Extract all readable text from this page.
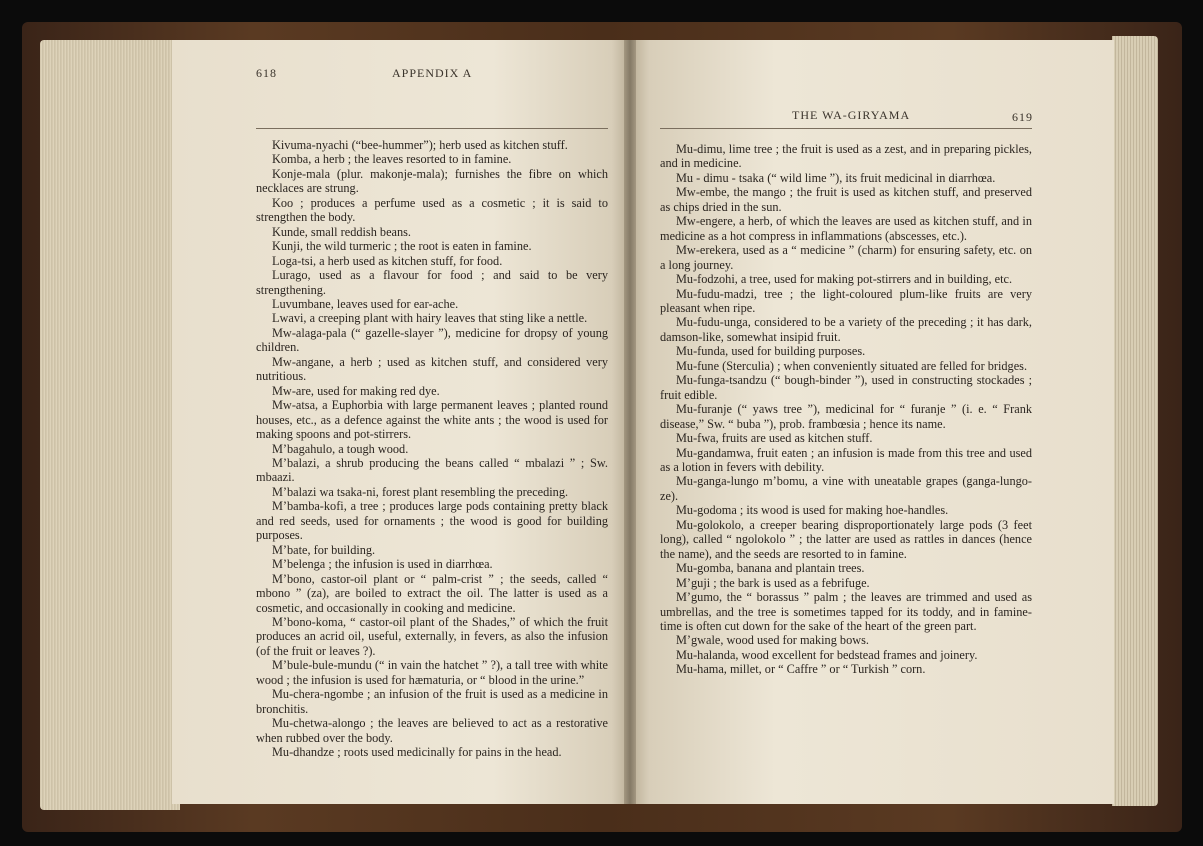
618	APPENDIX A
THE WA-GIRYAMA	619

Kivuma-nyachi (“bee-hummer”); herb used as kitchen stuff.

Komba, a herb ; the leaves resorted to in famine.

Konje-mala (plur. makonje-mala); furnishes the fibre on which necklaces are strung.

Koo ; produces a perfume used as a cosmetic ; it is said to strengthen the body.

Kunde, small reddish beans.

Kunji, the wild turmeric ; the root is eaten in famine.

Loga-tsi, a herb used as kitchen stuff, for food.

Lurago, used as a flavour for food ; and said to be very strengthening.

Luvumbane, leaves used for ear-ache.

Lwavi, a creeping plant with hairy leaves that sting like a nettle.

Mw-alaga-pala (“ gazelle-slayer ”), medicine for dropsy of young children.

Mw-angane, a herb ; used as kitchen stuff, and considered very nutritious.

Mw-are, used for making red dye.

Mw-atsa, a Euphorbia with large permanent leaves ; planted round houses, etc., as a defence against the white ants ; the wood is used for making spoons and pot-stirrers.

M’bagahulo, a tough wood.

M’balazi, a shrub producing the beans called “ mbalazi ” ; Sw. mbaazi.

M’balazi wa tsaka-ni, forest plant resembling the preceding.

M’bamba-kofi, a tree ; produces large pods containing pretty black and red seeds, used for ornaments ; the wood is good for building purposes.

M’bate, for building.

M’belenga ; the infusion is used in diarrhœa.

M’bono, castor-oil plant or “ palm-crist ” ; the seeds, called “ mbono ” (za), are boiled to extract the oil. The latter is used as a cosmetic, and occasionally in cooking and medicine.

M’bono-koma, “ castor-oil plant of the Shades,” of which the fruit produces an acrid oil, useful, externally, in fevers, as also the infusion (of the fruit or leaves ?).

M’bule-bule-mundu (“ in vain the hatchet ” ?), a tall tree with white wood ; the infusion is used for hæmaturia, or “ blood in the urine.”

Mu-chera-ngombe ; an infusion of the fruit is used as a medicine in bronchitis.

Mu-chetwa-alongo ; the leaves are believed to act as a restorative when rubbed over the body.

Mu-dhandze ; roots used medicinally for pains in the head.

Mu-dimu, lime tree ; the fruit is used as a zest, and in preparing pickles, and in medicine.

Mu - dimu - tsaka (“ wild lime ”), its fruit medicinal in diarrhœa.

Mw-embe, the mango ; the fruit is used as kitchen stuff, and preserved as chips dried in the sun.

Mw-engere, a herb, of which the leaves are used as kitchen stuff, and in medicine as a hot compress in inflammations (abscesses, etc.).

Mw-erekera, used as a “ medicine ” (charm) for ensuring safety, etc. on a long journey.

Mu-fodzohi, a tree, used for making pot-stirrers and in building, etc.

Mu-fudu-madzi, tree ; the light-coloured plum-like fruits are very pleasant when ripe.

Mu-fudu-unga, considered to be a variety of the preceding ; it has dark, damson-like, somewhat insipid fruit.

Mu-funda, used for building purposes.

Mu-fune (Sterculia) ; when conveniently situated are felled for bridges.

Mu-funga-tsandzu (“ bough-binder ”), used in constructing stockades ; fruit edible.

Mu-furanje (“ yaws tree ”), medicinal for “ furanje ” (i. e. “ Frank disease,” Sw. “ buba ”), prob. frambœsia ; hence its name.

Mu-fwa, fruits are used as kitchen stuff.

Mu-gandamwa, fruit eaten ; an infusion is made from this tree and used as a lotion in fevers with debility.

Mu-ganga-lungo m’bomu, a vine with uneatable grapes (ganga-lungo-ze).

Mu-godoma ; its wood is used for making hoe-handles.

Mu-golokolo, a creeper bearing disproportionately large pods (3 feet long), called “ ngolokolo ” ; the latter are used as rattles in dances (hence the name), and the seeds are resorted to in famine.

Mu-gomba, banana and plantain trees.

M’guji ; the bark is used as a febrifuge.

M’gumo, the “ borassus ” palm ; the leaves are trimmed and used as umbrellas, and the tree is sometimes tapped for its toddy, and in famine-time is often cut down for the sake of the heart of the green part.

M’gwale, wood used for making bows.

Mu-halanda, wood excellent for bedstead frames and joinery.

Mu-hama, millet, or “ Caffre ” or “ Turkish ” corn.
